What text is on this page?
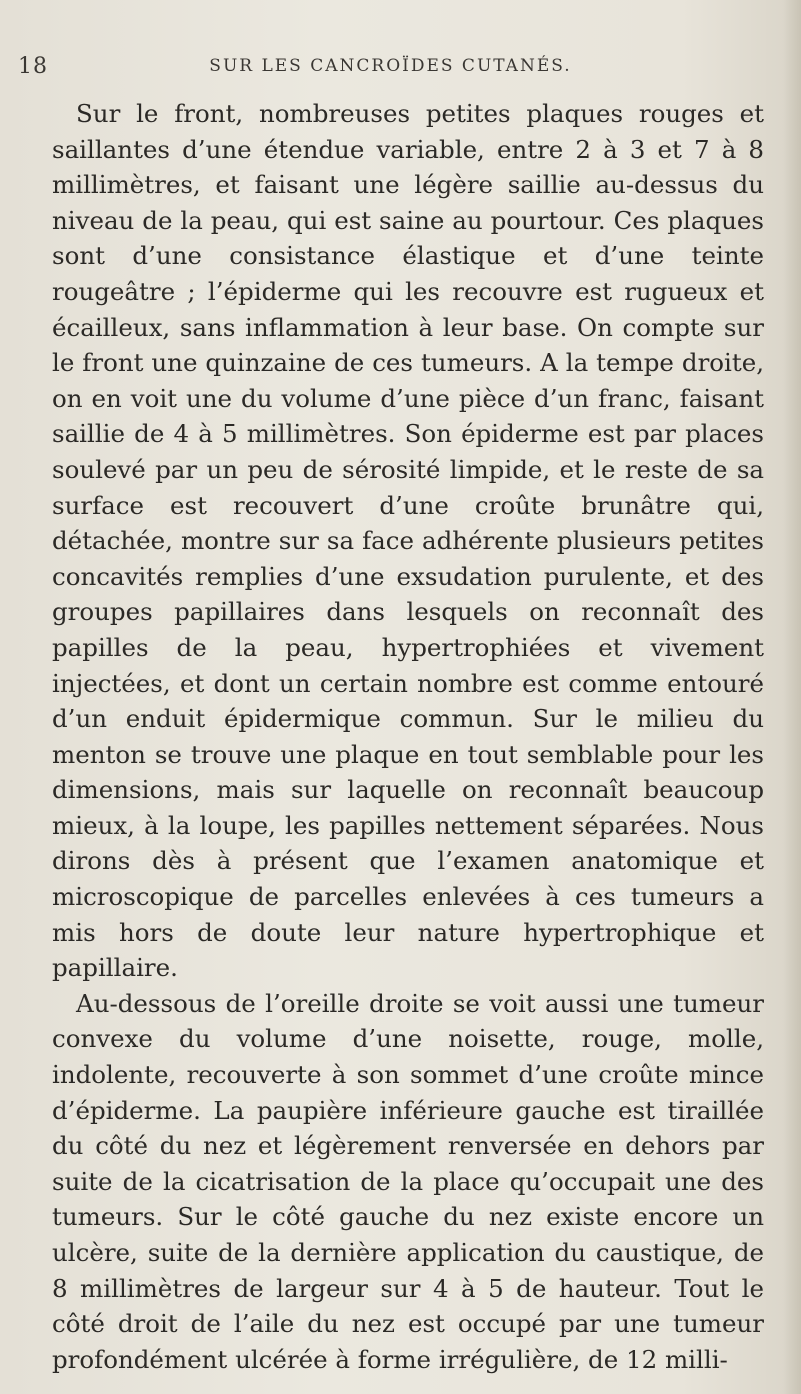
18	SUR LES CANCROÏDES CUTANÉS.

Sur le front, nombreuses petites plaques rouges et saillantes d’une étendue variable, entre 2 à 3 et 7 à 8 millimètres, et faisant une légère saillie au-dessus du niveau de la peau, qui est saine au pourtour. Ces plaques sont d’une consistance élastique et d’une teinte rougeâtre ; l’épiderme qui les recouvre est rugueux et écailleux, sans inflammation à leur base. On compte sur le front une quinzaine de ces tumeurs. A la tempe droite, on en voit une du volume d’une pièce d’un franc, faisant saillie de 4 à 5 millimètres. Son épiderme est par places soulevé par un peu de sérosité limpide, et le reste de sa surface est recouvert d’une croûte brunâtre qui, détachée, montre sur sa face adhérente plusieurs petites concavités remplies d’une exsudation purulente, et des groupes papillaires dans lesquels on reconnaît des papilles de la peau, hypertrophiées et vivement injectées, et dont un certain nombre est comme entouré d’un enduit épidermique commun. Sur le milieu du menton se trouve une plaque en tout semblable pour les dimensions, mais sur laquelle on reconnaît beaucoup mieux, à la loupe, les papilles nettement séparées. Nous dirons dès à présent que l’examen anatomique et microscopique de parcelles enlevées à ces tumeurs a mis hors de doute leur nature hypertrophique et papillaire.

Au-dessous de l’oreille droite se voit aussi une tumeur convexe du volume d’une noisette, rouge, molle, indolente, recouverte à son sommet d’une croûte mince d’épiderme. La paupière inférieure gauche est tiraillée du côté du nez et légèrement renversée en dehors par suite de la cicatrisation de la place qu’occupait une des tumeurs. Sur le côté gauche du nez existe encore un ulcère, suite de la dernière application du caustique, de 8 millimètres de largeur sur 4 à 5 de hauteur. Tout le côté droit de l’aile du nez est occupé par une tumeur profondément ulcérée à forme irrégulière, de 12 milli-
